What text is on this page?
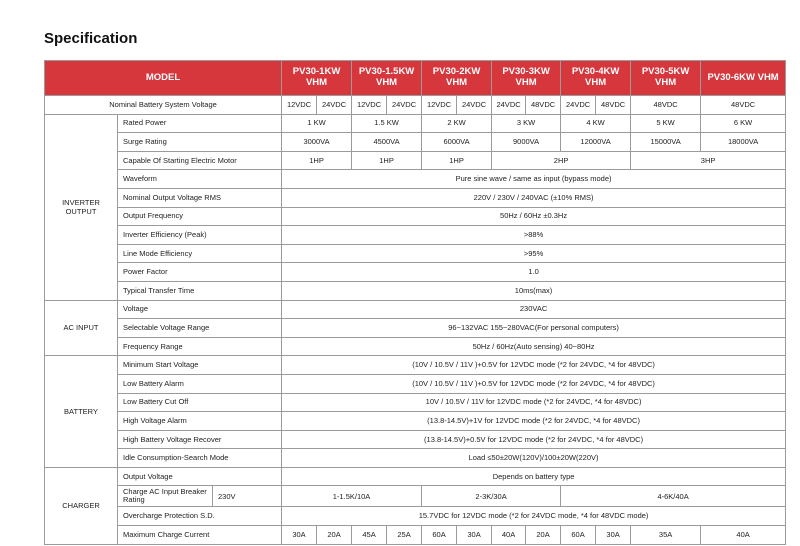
Specification
MODEL			PV30-1KW VHM		PV30-1.5KW VHM		PV30-2KW VHM		PV30-3KW VHM		PV30-4KW VHM		PV30-5KW VHM	PV30-6KW VHM
Nominal Battery System Voltage			12VDC	24VDC	12VDC	24VDC	12VDC	24VDC	24VDC	48VDC	24VDC	48VDC	48VDC	48VDC
INVERTER OUTPUT	Rated Power		1 KW		1.5 KW		2 KW		3 KW		4 KW		5 KW	6 KW
	Surge Rating		3000VA		4500VA		6000VA		9000VA		12000VA		15000VA	18000VA
	Capable Of Starting Electric Motor		1HP		1HP		1HP		2HP				3HP	
	Waveform		Pure sine wave / same as input (bypass mode)											
	Nominal Output Voltage RMS		220V / 230V / 240VAC (±10% RMS)											
	Output Frequency		50Hz / 60Hz ±0.3Hz											
	Inverter Efficiency (Peak)		>88%											
	Line Mode Efficiency		>95%											
	Power Factor		1.0											
	Typical Transfer Time		10ms(max)											
AC INPUT	Voltage		230VAC											
	Selectable Voltage Range		96~132VAC 155~280VAC(For personal computers)											
	Frequency Range		50Hz / 60Hz(Auto sensing) 40~80Hz											
BATTERY	Minimum Start Voltage		(10V / 10.5V / 11V )+0.5V for 12VDC mode (*2 for 24VDC, *4 for 48VDC)											
	Low Battery Alarm		(10V / 10.5V / 11V )+0.5V for 12VDC mode (*2 for 24VDC, *4 for 48VDC)											
	Low Battery Cut Off		10V / 10.5V / 11V for 12VDC mode (*2 for 24VDC, *4 for 48VDC)											
	High Voltage Alarm		(13.8-14.5V)+1V for 12VDC mode (*2 for 24VDC, *4 for 48VDC)											
	High Battery Voltage Recover		(13.8-14.5V)+0.5V for 12VDC mode (*2 for 24VDC, *4 for 48VDC)											
	Idle Consumption-Search Mode		Load ≤50±20W(120V)/100±20W(220V)											
CHARGER	Output Voltage		Depends on battery type											
	Charge AC Input Breaker Rating	230V	1-1.5K/10A				2-3K/30A				4-6K/40A			
	Overcharge Protection S.D.		15.7VDC for 12VDC mode (*2 for 24VDC mode, *4 for 48VDC mode)											
	Maximum Charge Current		30A	20A	45A	25A	60A	30A	40A	20A	60A	30A	35A	40A
